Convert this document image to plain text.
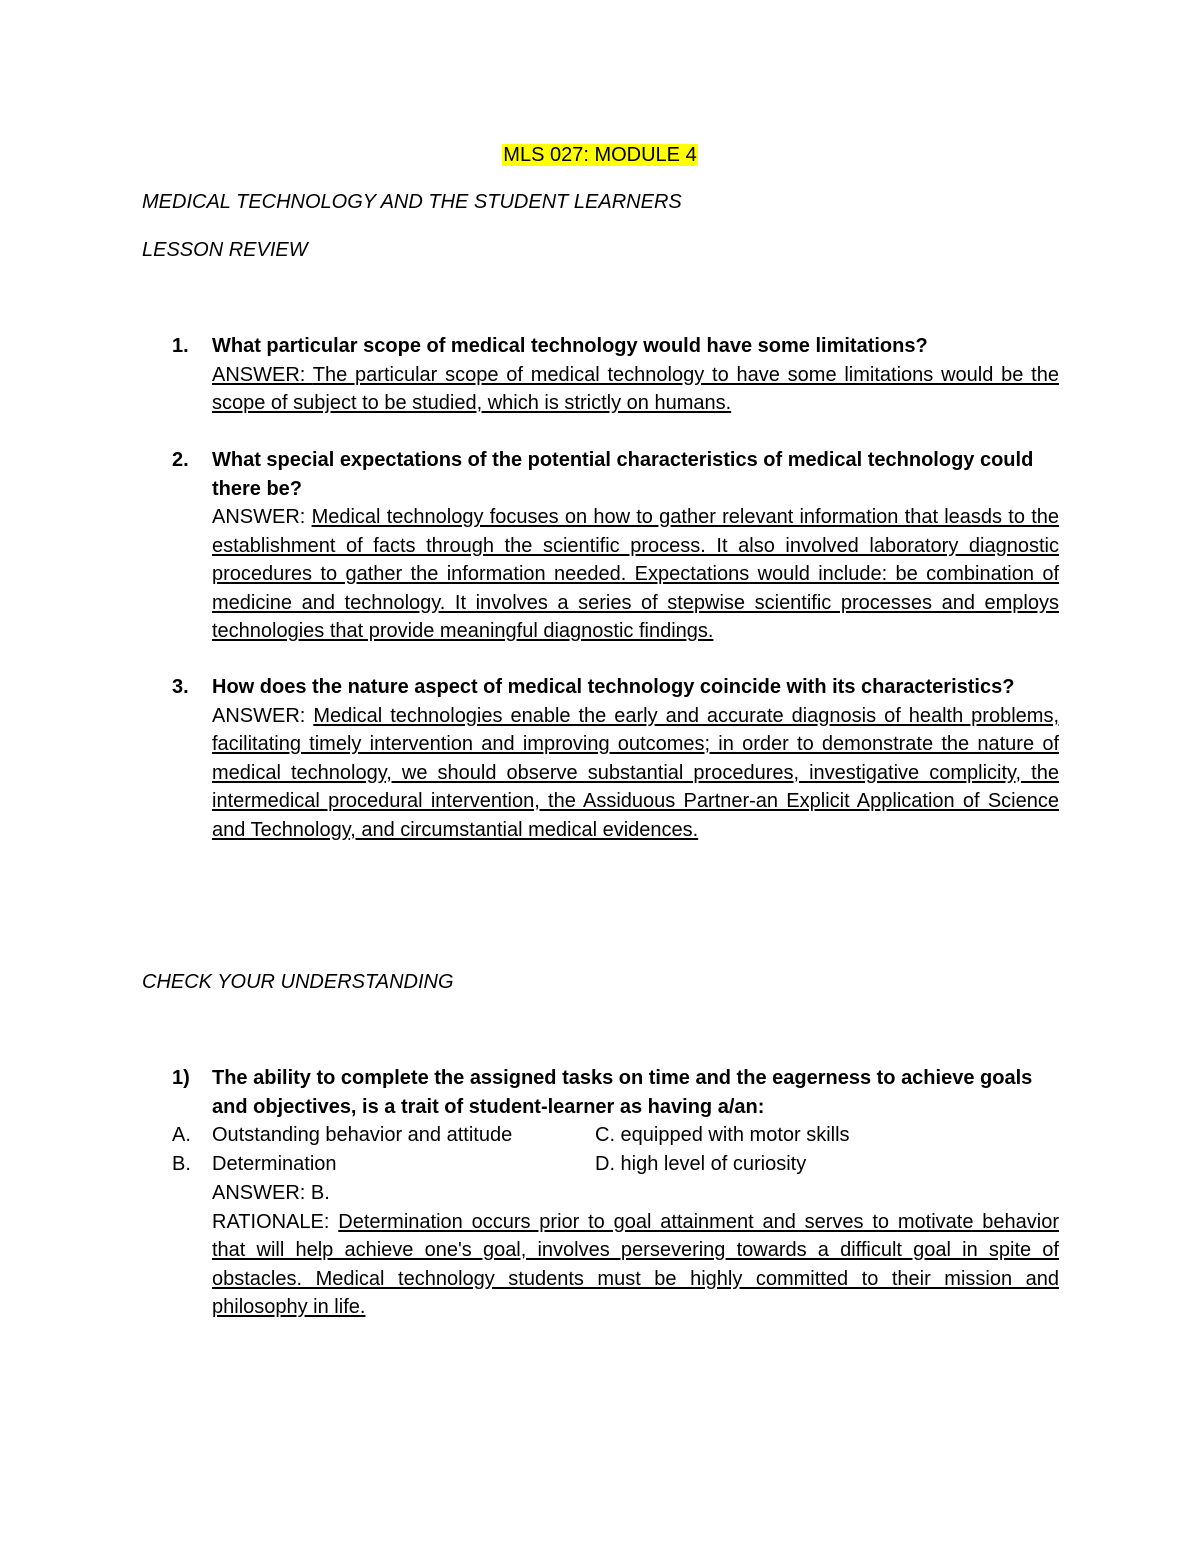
MLS 027: MODULE 4
MEDICAL TECHNOLOGY AND THE STUDENT LEARNERS
LESSON REVIEW
1.	What particular scope of medical technology would have some limitations?
ANSWER: The particular scope of medical technology to have some limitations would be the scope of subject to be studied, which is strictly on humans.
2.	What special expectations of the potential characteristics of medical technology could there be?
ANSWER: Medical technology focuses on how to gather relevant information that leasds to the establishment of facts through the scientific process. It also involved laboratory diagnostic procedures to gather the information needed. Expectations would include: be combination of medicine and technology. It involves a series of stepwise scientific processes and employs technologies that provide meaningful diagnostic findings.
3.	How does the nature aspect of medical technology coincide with its characteristics?
ANSWER: Medical technologies enable the early and accurate diagnosis of health problems, facilitating timely intervention and improving outcomes; in order to demonstrate the nature of medical technology, we should observe substantial procedures, investigative complicity, the intermedical procedural intervention, the Assiduous Partner-an Explicit Application of Science and Technology, and circumstantial medical evidences.
CHECK YOUR UNDERSTANDING
1)	The ability to complete the assigned tasks on time and the eagerness to achieve goals and objectives, is a trait of student-learner as having a/an:
A.	Outstanding behavior and attitude	C. equipped with motor skills
B.	Determination	D. high level of curiosity
ANSWER: B.
RATIONALE: Determination occurs prior to goal attainment and serves to motivate behavior that will help achieve one's goal, involves persevering towards a difficult goal in spite of obstacles. Medical technology students must be highly committed to their mission and philosophy in life.
